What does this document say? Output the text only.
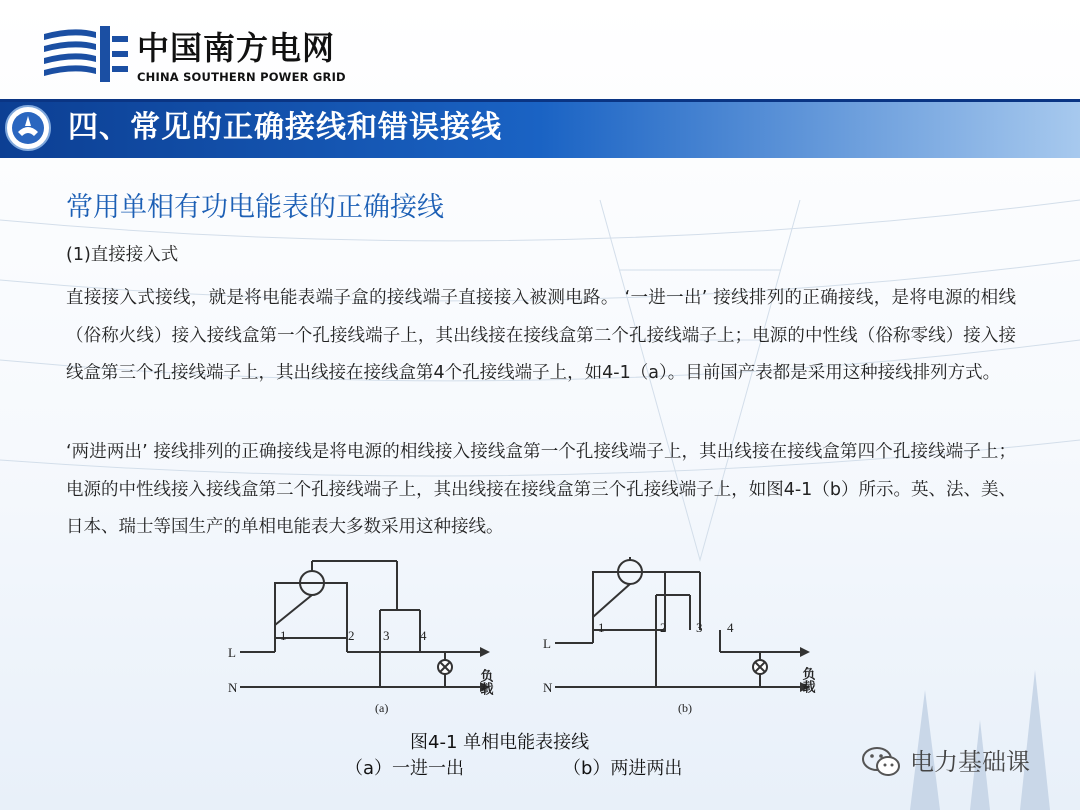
中国南方电网
CHINA SOUTHERN POWER GRID
四、常见的正确接线和错误接线
常用单相有功电能表的正确接线
(1)直接接入式

直接接入式接线，就是将电能表端子盒的接线端子直接接入被测电路。 ‘一进一出’ 接线排列的正确接线，是将电源的相线（俗称火线）接入接线盒第一个孔接线端子上，其出线接在接线盒第二个孔接线端子上；电源的中性线（俗称零线）接入接线盒第三个孔接线端子上，其出线接在接线盒第4个孔接线端子上，如4-1（a）。目前国产表都是采用这种接线排列方式。

‘两进两出’ 接线排列的正确接线是将电源的相线接入接线盒第一个孔接线端子上，其出线接在接线盒第四个孔接线端子上；电源的中性线接入接线盒第二个孔接线端子上，其出线接在接线盒第三个孔接线端子上，如图4-1（b）所示。英、法、美、日本、瑞士等国生产的单相电能表大多数采用这种接线。

1	2 3 4
L
N	负载
(a)
1	2 3 4
L
N	负载
(b)
图4-1 单相电能表接线
（a）一进一出	（b）两进两出	电力基础课
